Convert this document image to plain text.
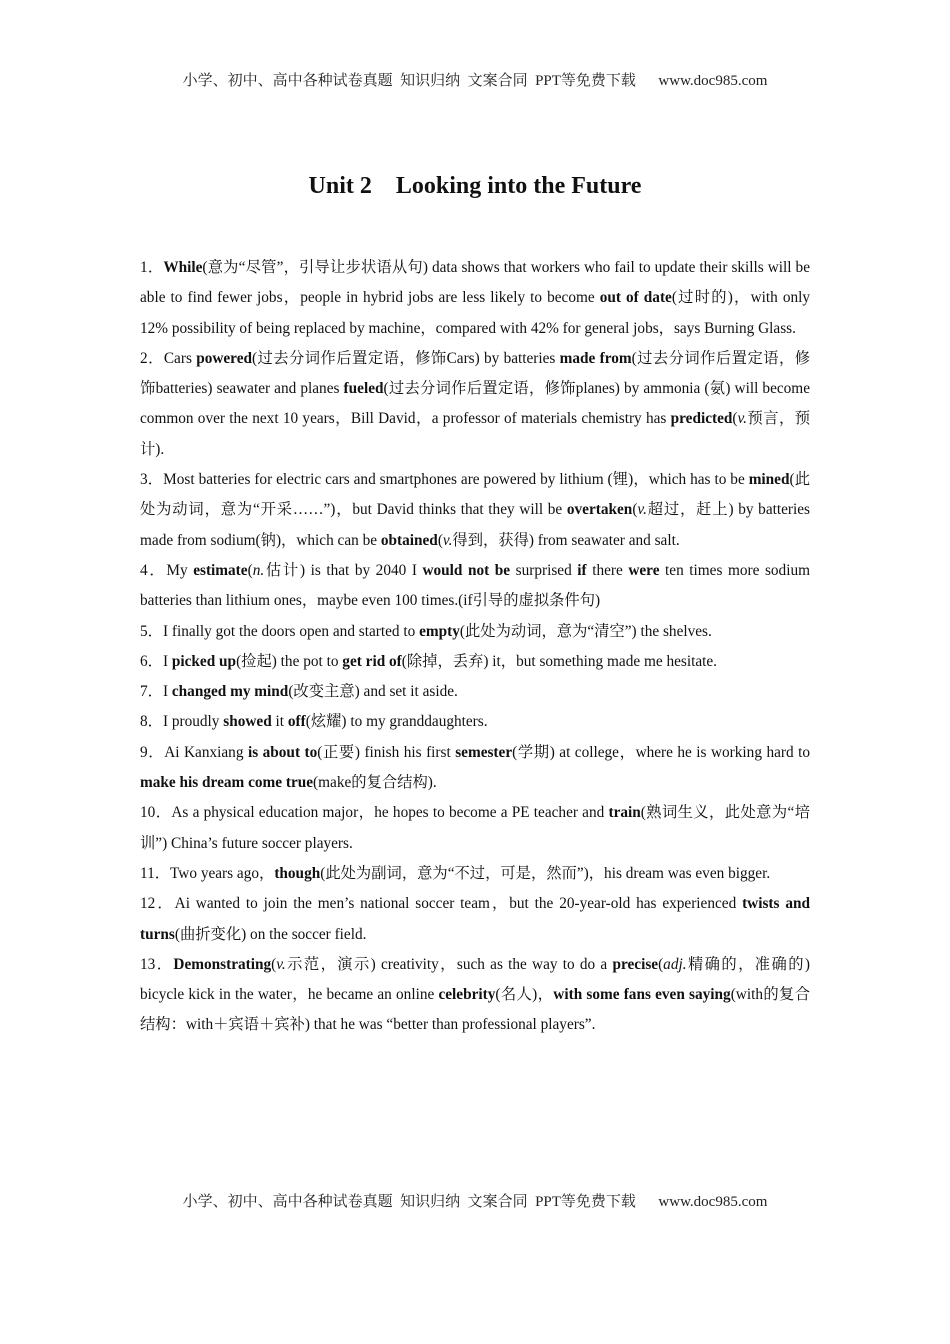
小学、初中、高中各种试卷真题  知识归纳  文案合同  PPT等免费下载      www.doc985.com
Unit 2    Looking into the Future

1．While(意为“尽管”，引导让步状语从句) data shows that workers who fail to update their skills will be able to find fewer jobs，people in hybrid jobs are less likely to become out of date(过时的)，with only 12% possibility of being replaced by machine，compared with 42% for general jobs，says Burning Glass.

2．Cars powered(过去分词作后置定语，修饰Cars) by batteries made from(过去分词作后置定语，修饰batteries) seawater and planes fueled(过去分词作后置定语，修饰planes) by ammonia (氨) will become common over the next 10 years，Bill David，a professor of materials chemistry has predicted(v.预言，预计).

3．Most batteries for electric cars and smartphones are powered by lithium (锂)，which has to be mined(此处为动词，意为“开采……”)，but David thinks that they will be overtaken(v.超过，赶上) by batteries made from sodium(钠)，which can be obtained(v.得到，获得) from seawater and salt.

4．My estimate(n.估计) is that by 2040 I would not be surprised if there were ten times more sodium batteries than lithium ones，maybe even 100 times.(if引导的虚拟条件句)

5．I finally got the doors open and started to empty(此处为动词，意为“清空”) the shelves.

6．I picked up(捡起) the pot to get rid of(除掉，丢弃) it，but something made me hesitate.

7．I changed my mind(改变主意) and set it aside.

8．I proudly showed it off(炫耀) to my granddaughters.

9．Ai Kanxiang is about to(正要) finish his first semester(学期) at college，where he is working hard to make his dream come true(make的复合结构).

10．As a physical education major，he hopes to become a PE teacher and train(熟词生义，此处意为“培训”) China’s future soccer players.

11．Two years ago，though(此处为副词，意为“不过，可是，然而”)，his dream was even bigger.

12．Ai wanted to join the men’s national soccer team，but the 20-year-old has experienced twists and turns(曲折变化) on the soccer field.

13．Demonstrating(v.示范，演示) creativity，such as the way to do a precise(adj.精确的，准确的) bicycle kick in the water，he became an online celebrity(名人)，with some fans even saying(with的复合结构：with＋宾语＋宾补) that he was “better than professional players”.

小学、初中、高中各种试卷真题  知识归纳  文案合同  PPT等免费下载      www.doc985.com
